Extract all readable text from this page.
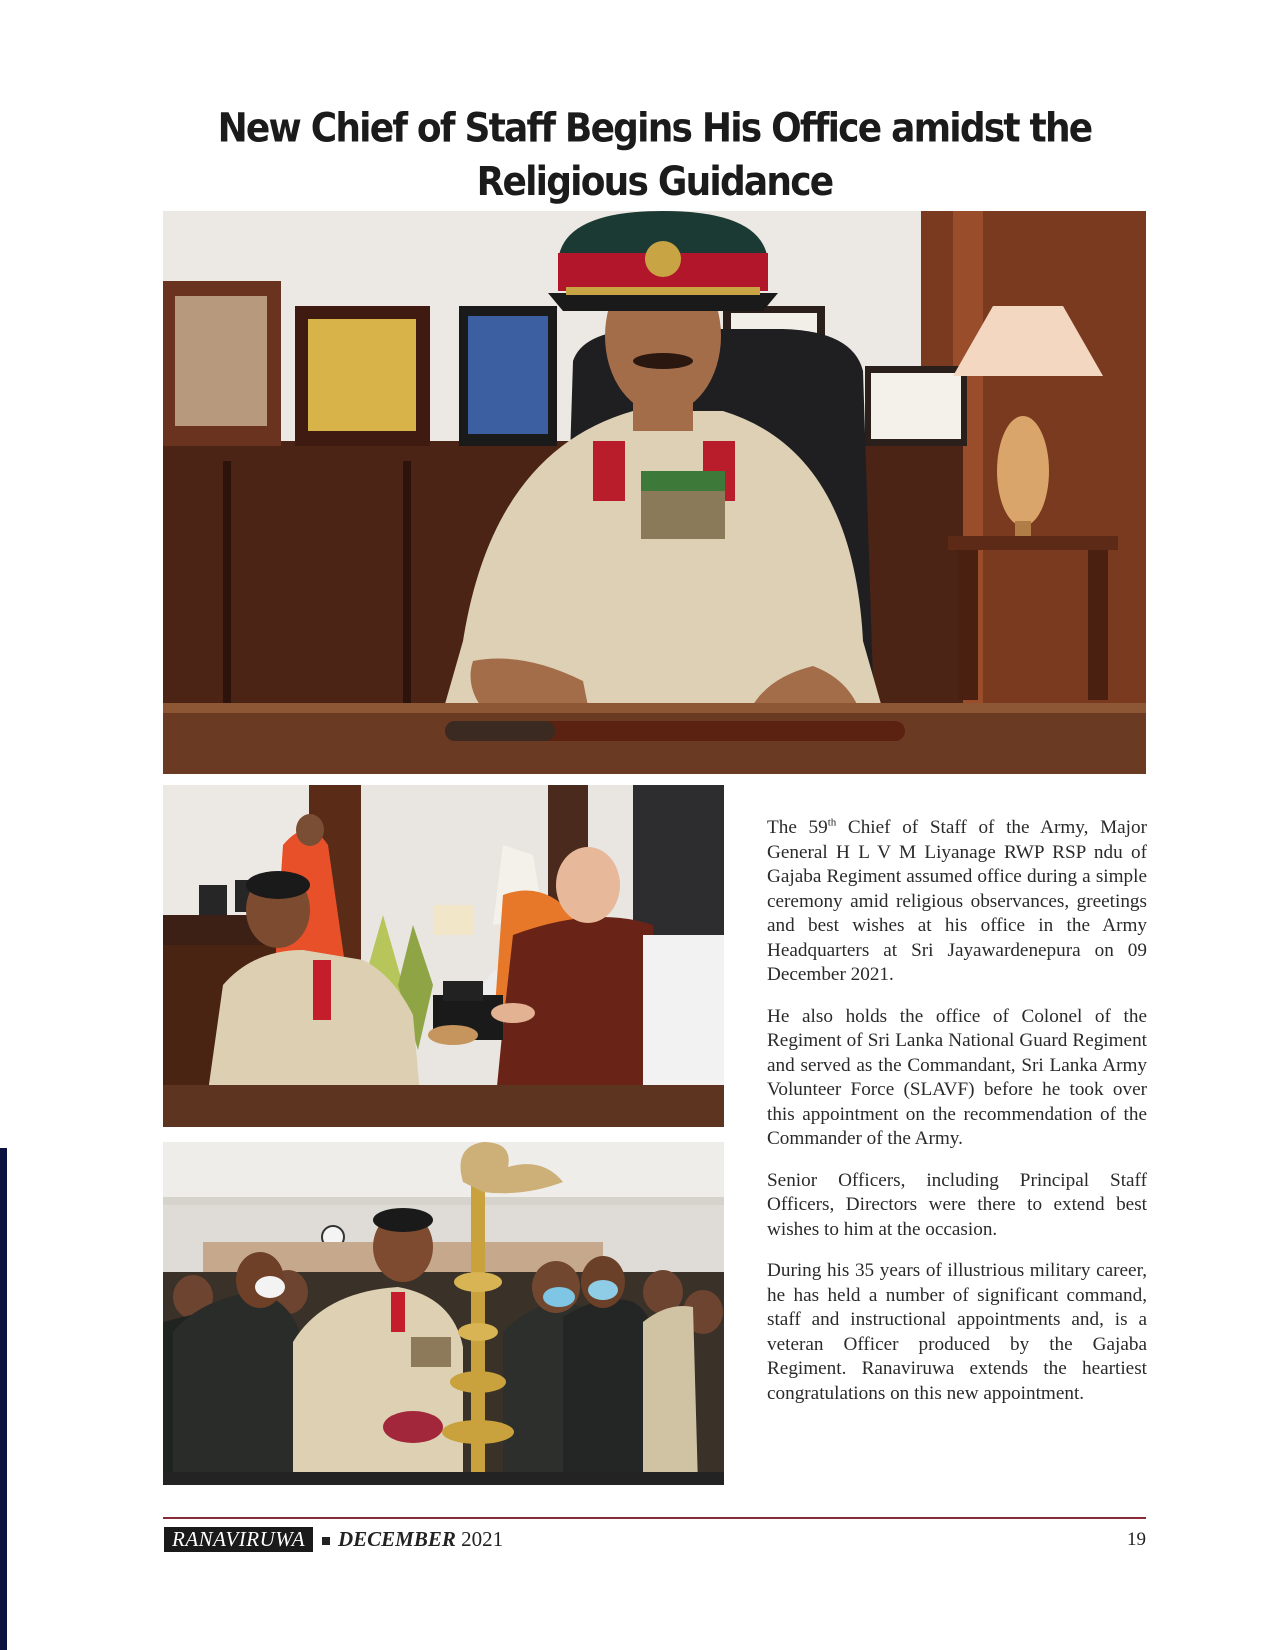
New Chief of Staff Begins His Office amidst the Religious Guidance

The 59th Chief of Staff of the Army, Major General H L V M Liyanage RWP RSP ndu of Gajaba Regiment assumed office during a simple ceremony amid religious observances, greetings and best wishes at his office in the Army Headquarters at Sri Jayawardenepura on 09 December 2021.

He also holds the office of Colonel of the Regiment of Sri Lanka National Guard Regiment and served as the Commandant, Sri Lanka Army Volunteer Force (SLAVF) before he took over this appointment on the recommendation of the Commander of the Army.

Senior Officers, including Principal Staff Officers, Directors were there to extend best wishes to him at the occasion.

During his 35 years of illustrious military career, he has held a number of significant command, staff and instructional appointments and, is a veteran Officer produced by the Gajaba Regiment. Ranaviruwa extends the heartiest congratulations on this new appointment.

RANAVIRUWA	DECEMBER 2021	19
